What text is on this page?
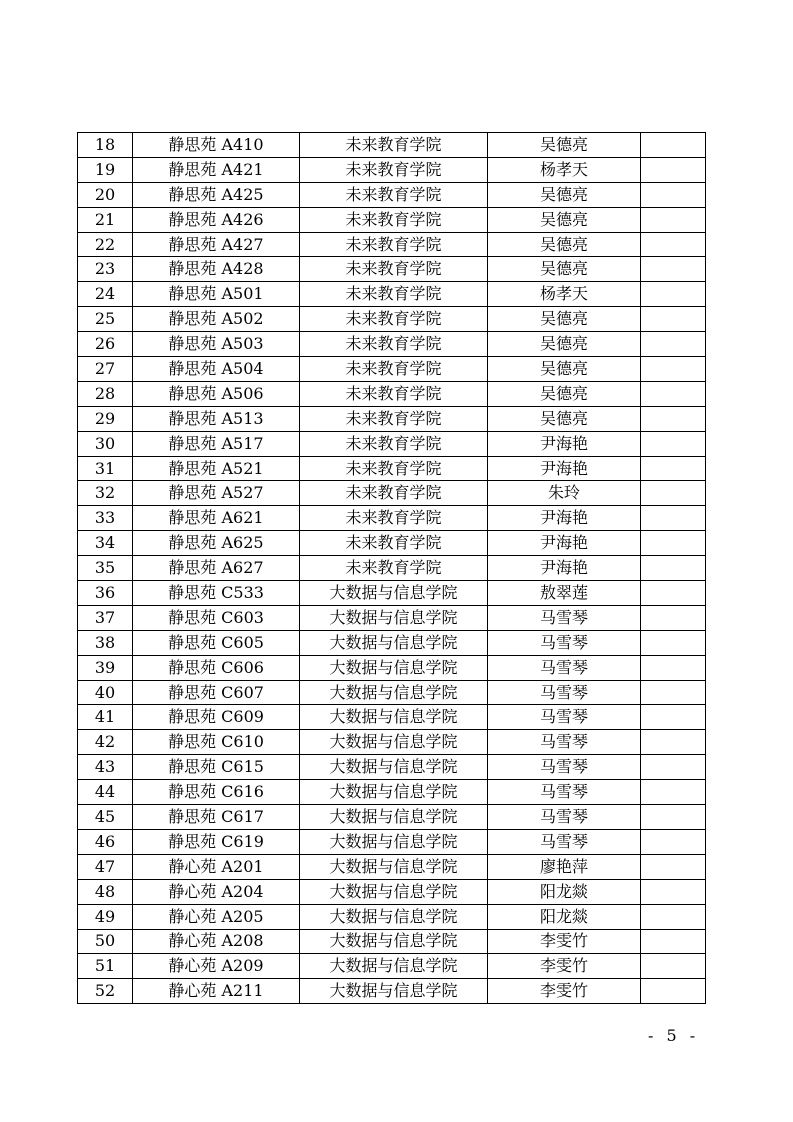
18	静思苑 A410	未来教育学院	吴德亮	
19	静思苑 A421	未来教育学院	杨孝天	
20	静思苑 A425	未来教育学院	吴德亮	
21	静思苑 A426	未来教育学院	吴德亮	
22	静思苑 A427	未来教育学院	吴德亮	
23	静思苑 A428	未来教育学院	吴德亮	
24	静思苑 A501	未来教育学院	杨孝天	
25	静思苑 A502	未来教育学院	吴德亮	
26	静思苑 A503	未来教育学院	吴德亮	
27	静思苑 A504	未来教育学院	吴德亮	
28	静思苑 A506	未来教育学院	吴德亮	
29	静思苑 A513	未来教育学院	吴德亮	
30	静思苑 A517	未来教育学院	尹海艳	
31	静思苑 A521	未来教育学院	尹海艳	
32	静思苑 A527	未来教育学院	朱玲	
33	静思苑 A621	未来教育学院	尹海艳	
34	静思苑 A625	未来教育学院	尹海艳	
35	静思苑 A627	未来教育学院	尹海艳	
36	静思苑 C533	大数据与信息学院	敖翠莲	
37	静思苑 C603	大数据与信息学院	马雪琴	
38	静思苑 C605	大数据与信息学院	马雪琴	
39	静思苑 C606	大数据与信息学院	马雪琴	
40	静思苑 C607	大数据与信息学院	马雪琴	
41	静思苑 C609	大数据与信息学院	马雪琴	
42	静思苑 C610	大数据与信息学院	马雪琴	
43	静思苑 C615	大数据与信息学院	马雪琴	
44	静思苑 C616	大数据与信息学院	马雪琴	
45	静思苑 C617	大数据与信息学院	马雪琴	
46	静思苑 C619	大数据与信息学院	马雪琴	
47	静心苑 A201	大数据与信息学院	廖艳萍	
48	静心苑 A204	大数据与信息学院	阳龙燚	
49	静心苑 A205	大数据与信息学院	阳龙燚	
50	静心苑 A208	大数据与信息学院	李雯竹	
51	静心苑 A209	大数据与信息学院	李雯竹	
52	静心苑 A211	大数据与信息学院	李雯竹	
- 5 -
